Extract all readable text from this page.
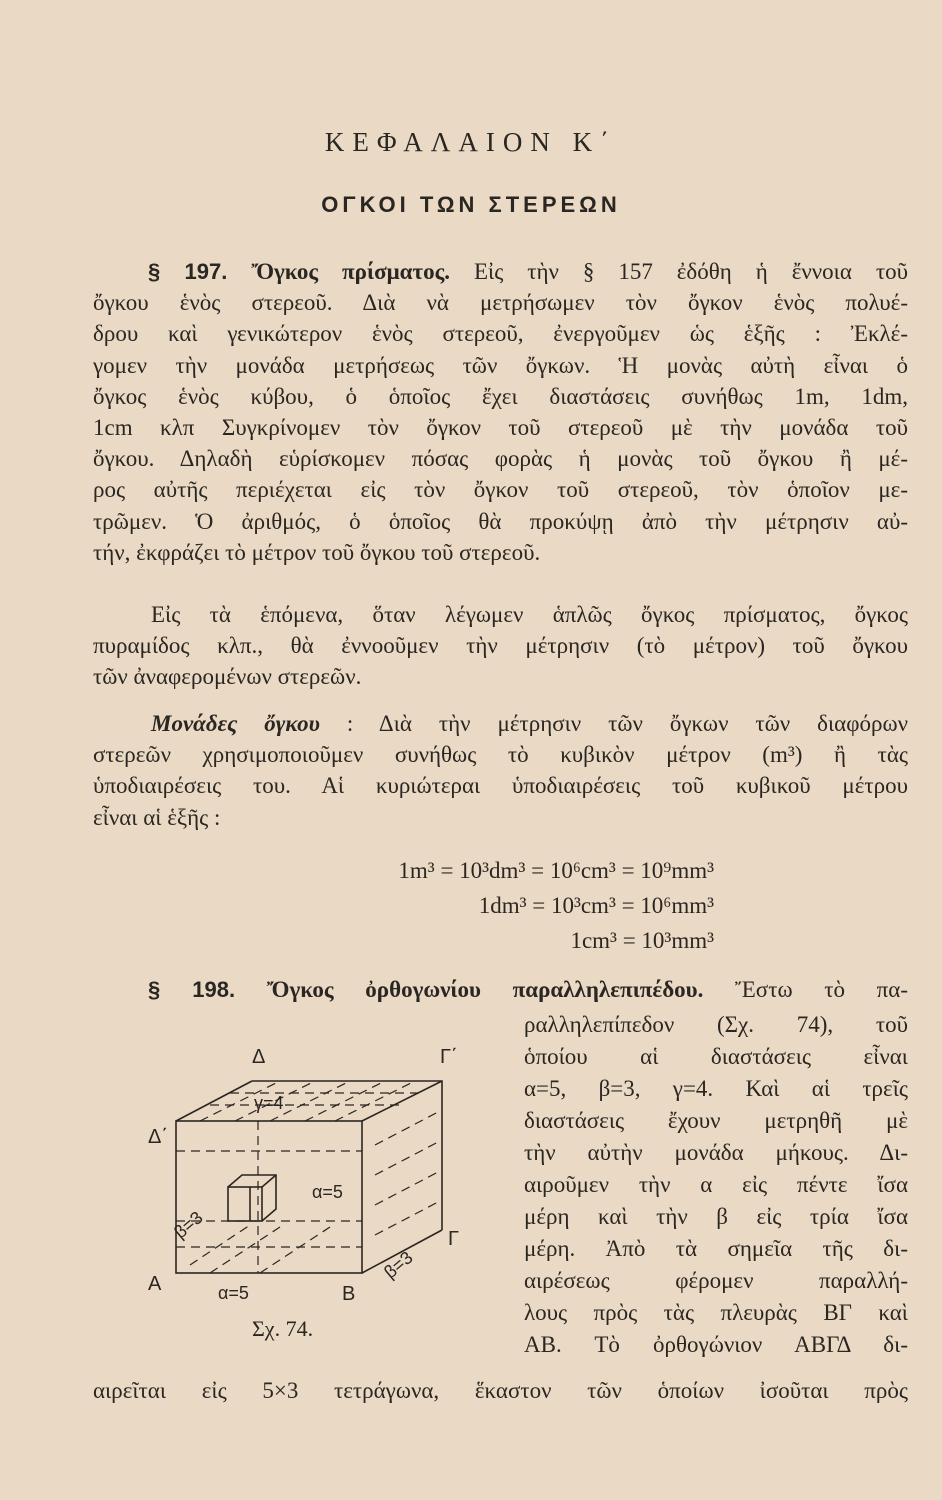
ΚΕΦΑΛΑΙΟΝ Κ΄
ΟΓΚΟΙ ΤΩΝ ΣΤΕΡΕΩΝ
§ 197. Ὄγκος πρίσματος. Εἰς τὴν § 157 ἐδόθη ἡ ἔννοια τοῦ
ὄγκου ἑνὸς στερεοῦ. Διὰ νὰ μετρήσωμεν τὸν ὄγκον ἑνὸς πολυέ-
δρου καὶ γενικώτερον ἑνὸς στερεοῦ, ἐνεργοῦμεν ὡς ἑξῆς : Ἐκλέ-
γομεν τὴν μονάδα μετρήσεως τῶν ὄγκων. Ἡ μονὰς αὐτὴ εἶναι ὁ
ὄγκος ἑνὸς κύβου, ὁ ὁποῖος ἔχει διαστάσεις συνήθως 1m, 1dm,
1cm κλπ Συγκρίνομεν τὸν ὄγκον τοῦ στερεοῦ μὲ τὴν μονάδα τοῦ
ὄγκου. Δηλαδὴ εὑρίσκομεν πόσας φορὰς ἡ μονὰς τοῦ ὄγκου ἢ μέ-
ρος αὐτῆς περιέχεται εἰς τὸν ὄγκον τοῦ στερεοῦ, τὸν ὁποῖον με-
τρῶμεν. Ὁ ἀριθμός, ὁ ὁποῖος θὰ προκύψῃ ἀπὸ τὴν μέτρησιν αὐ-
τήν, ἐκφράζει τὸ μέτρον τοῦ ὄγκου τοῦ στερεοῦ.
Εἰς τὰ ἑπόμενα, ὅταν λέγωμεν ἁπλῶς ὄγκος πρίσματος, ὄγκος
πυραμίδος κλπ., θὰ ἐννοοῦμεν τὴν μέτρησιν (τὸ μέτρον) τοῦ ὄγκου
τῶν ἀναφερομένων στερεῶν.
Μονάδες ὄγκου : Διὰ τὴν μέτρησιν τῶν ὄγκων τῶν διαφόρων
στερεῶν χρησιμοποιοῦμεν συνήθως τὸ κυβικὸν μέτρον (m³) ἢ τὰς
ὑποδιαιρέσεις του. Αἱ κυριώτεραι ὑποδιαιρέσεις τοῦ κυβικοῦ μέτρου
εἶναι αἱ ἑξῆς :
1m³ = 10³dm³ = 10⁶cm³ = 10⁹mm³
1dm³ = 10³cm³ = 10⁶mm³
1cm³ = 10³mm³
§ 198. Ὄγκος ὀρθογωνίου παραλληλεπιπέδου. Ἔστω τὸ πα-
ραλληλεπίπεδον (Σχ. 74), τοῦ
ὁποίου αἱ διαστάσεις εἶναι
α=5, β=3, γ=4. Καὶ αἱ τρεῖς
διαστάσεις ἔχουν μετρηθῆ μὲ
τὴν αὐτὴν μονάδα μήκους. Δι-
αιροῦμεν τὴν α εἰς πέντε ἴσα
μέρη καὶ τὴν β εἰς τρία ἴσα
μέρη. Ἀπὸ τὰ σημεῖα τῆς δι-
αιρέσεως φέρομεν παραλλή-
λους πρὸς τὰς πλευρὰς ΒΓ καὶ
ΑΒ. Τὸ ὀρθογώνιον ΑΒΓΔ δι-
αιρεῖται εἰς 5×3 τετράγωνα, ἕκαστον τῶν ὁποίων ἰσοῦται πρὸς
Δ	Γ΄
Δ΄
Γ
Α	Β
γ=4
α=5
α=5
β=3
β=3
Σχ. 74.
